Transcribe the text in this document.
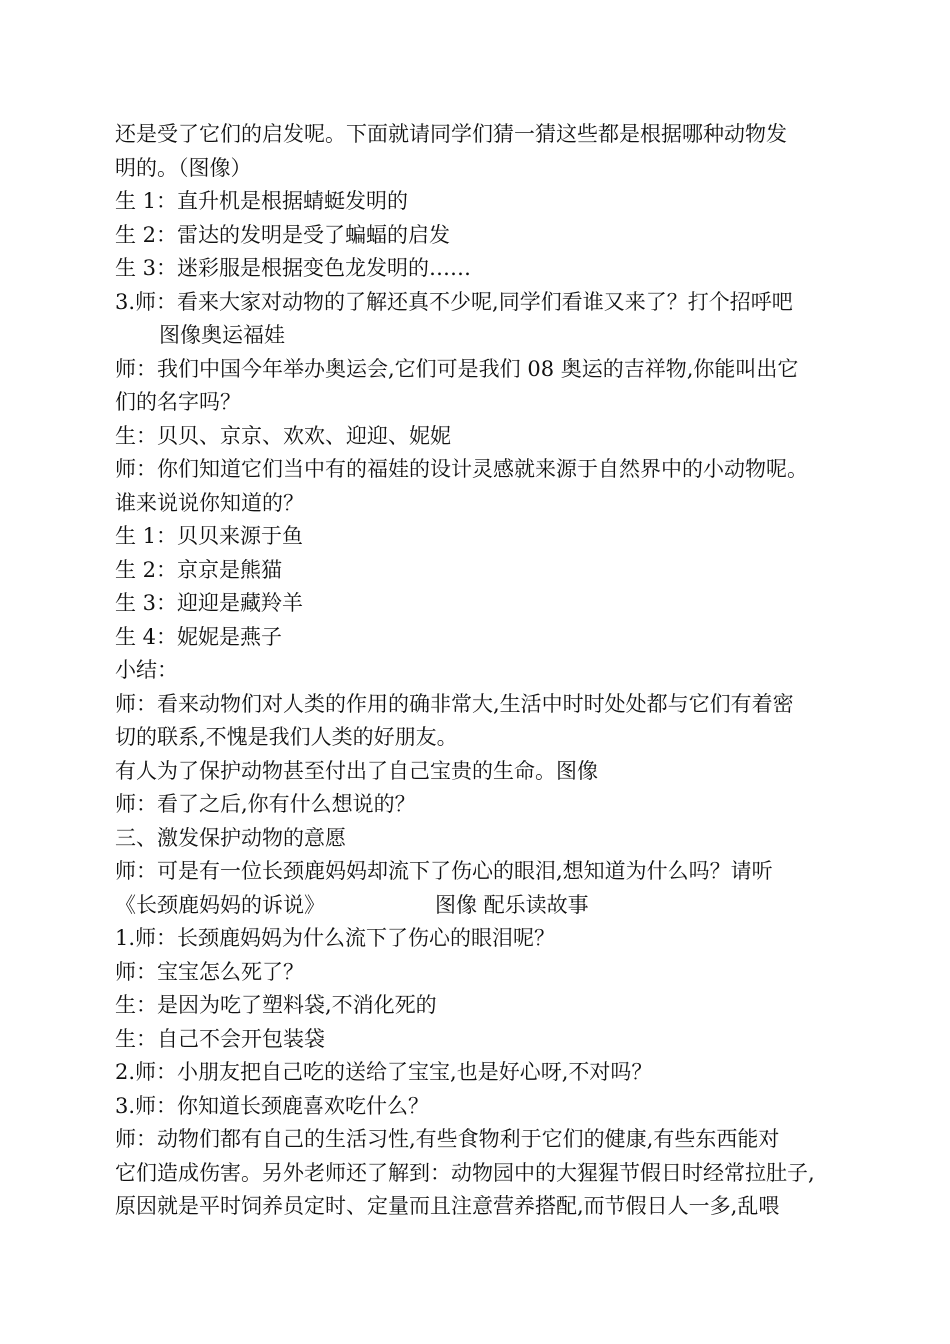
还是受了它们的启发呢。下面就请同学们猜一猜这些都是根据哪种动物发
明的。（图像）
生 1：直升机是根据蜻蜓发明的
生 2：雷达的发明是受了蝙蝠的启发
生 3：迷彩服是根据变色龙发明的……
3.师：看来大家对动物的了解还真不少呢,同学们看谁又来了？打个招呼吧
图像奥运福娃
师：我们中国今年举办奥运会,它们可是我们 08 奥运的吉祥物,你能叫出它
们的名字吗？
生：贝贝、京京、欢欢、迎迎、妮妮
师：你们知道它们当中有的福娃的设计灵感就来源于自然界中的小动物呢。
谁来说说你知道的？
生 1：贝贝来源于鱼
生 2：京京是熊猫
生 3：迎迎是藏羚羊
生 4：妮妮是燕子
小结：
师：看来动物们对人类的作用的确非常大,生活中时时处处都与它们有着密
切的联系,不愧是我们人类的好朋友。
有人为了保护动物甚至付出了自己宝贵的生命。图像
师：看了之后,你有什么想说的？
三、激发保护动物的意愿
师：可是有一位长颈鹿妈妈却流下了伤心的眼泪,想知道为什么吗？请听
《长颈鹿妈妈的诉说》	图像 配乐读故事
1.师：长颈鹿妈妈为什么流下了伤心的眼泪呢？
师：宝宝怎么死了？
生：是因为吃了塑料袋,不消化死的
生：自己不会开包装袋
2.师：小朋友把自己吃的送给了宝宝,也是好心呀,不对吗？
3.师：你知道长颈鹿喜欢吃什么？
师：动物们都有自己的生活习性,有些食物利于它们的健康,有些东西能对
它们造成伤害。另外老师还了解到：动物园中的大猩猩节假日时经常拉肚子,
原因就是平时饲养员定时、定量而且注意营养搭配,而节假日人一多,乱喂
